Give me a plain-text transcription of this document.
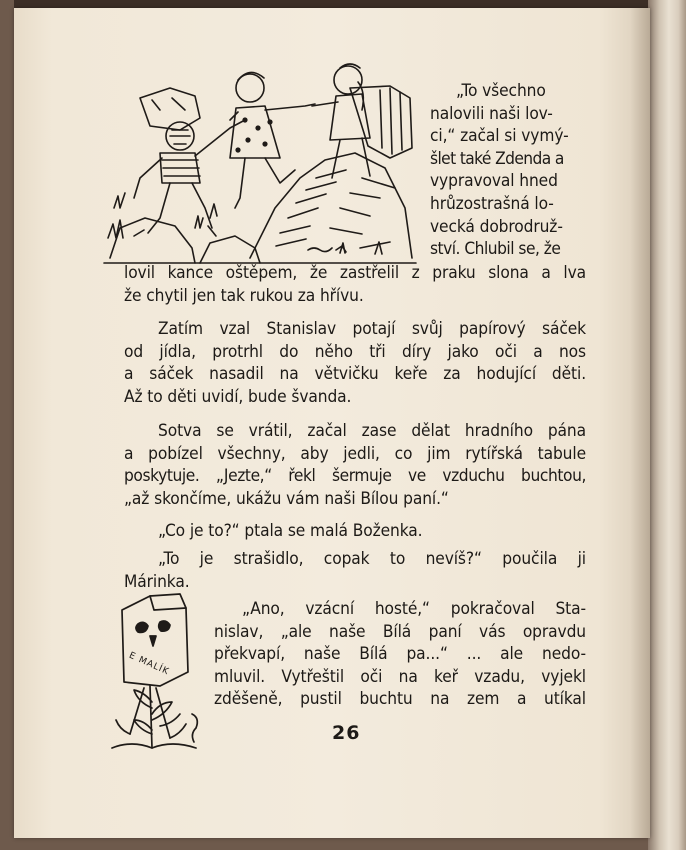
„To všechno
nalovili naši lov-
ci,“ začal si vymý-
šlet také Zdenda a
vypravoval hned
hrůzostrašná lo-
vecká dobrodruž-
ství. Chlubil se, že
lovil kance oštěpem, že zastřelil z praku slona a lva
že chytil jen tak rukou za hřívu.
Zatím vzal Stanislav potají svůj papírový sáček
od jídla, protrhl do něho tři díry jako oči a nos
a sáček nasadil na větvičku keře za hodující děti.
Až to děti uvidí, bude švanda.
Sotva se vrátil, začal zase dělat hradního pána
a pobízel všechny, aby jedli, co jim rytířská tabule
poskytuje. „Jezte,“ řekl šermuje ve vzduchu buchtou,
„až skončíme, ukážu vám naši Bílou paní.“
„Co je to?“ ptala se malá Boženka.
„To je strašidlo, copak to nevíš?“ poučila ji
Márinka.
E MALÍK
„Ano, vzácní hosté,“ pokračoval Sta-
nislav, „ale naše Bílá paní vás opravdu
překvapí, naše Bílá pa...“ ... ale nedo-
mluvil. Vytřeštil oči na keř vzadu, vyjekl
zděšeně, pustil buchtu na zem a utíkal
26
